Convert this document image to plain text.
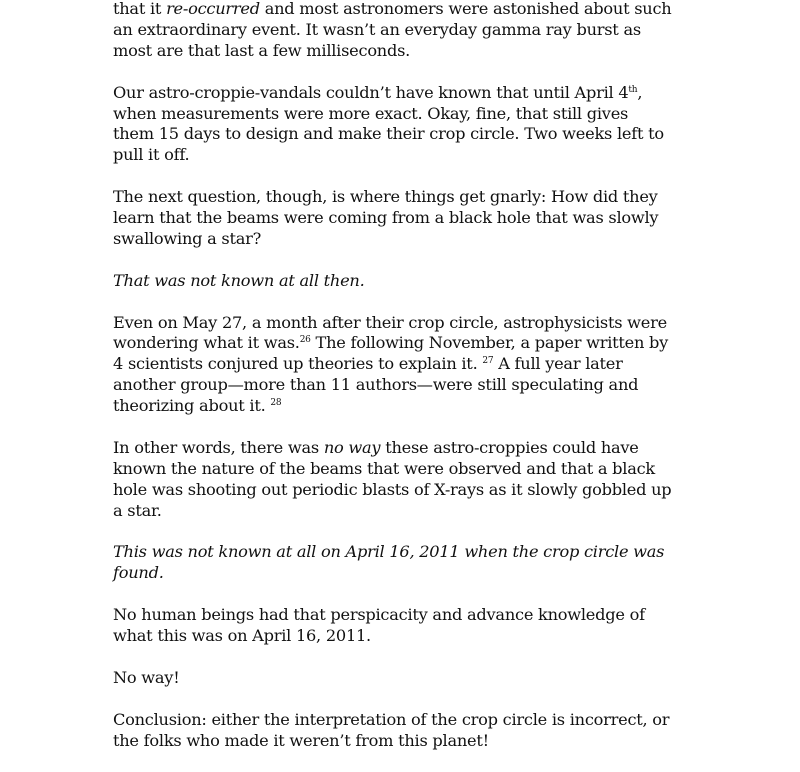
that it re-occurred and most astronomers were astonished about such an extraordinary event. It wasn’t an everyday gamma ray burst as most are that last a few milliseconds.

Our astro-croppie-vandals couldn’t have known that until April 4th, when measurements were more exact. Okay, fine, that still gives them 15 days to design and make their crop circle. Two weeks left to pull it off.

The next question, though, is where things get gnarly: How did they learn that the beams were coming from a black hole that was slowly swallowing a star?

That was not known at all then.

Even on May 27, a month after their crop circle, astrophysicists were wondering what it was.$^{26}$ The following November, a paper written by 4 scientists conjured up theories to explain it. $^{27}$ A full year later another group—more than 11 authors—were still speculating and theorizing about it. $^{28}$

In other words, there was no way these astro-croppies could have known the nature of the beams that were observed and that a black hole was shooting out periodic blasts of X-rays as it slowly gobbled up a star.

This was not known at all on April 16, 2011 when the crop circle was found.

No human beings had that perspicacity and advance knowledge of what this was on April 16, 2011.

No way!

Conclusion: either the interpretation of the crop circle is incorrect, or the folks who made it weren’t from this planet!
